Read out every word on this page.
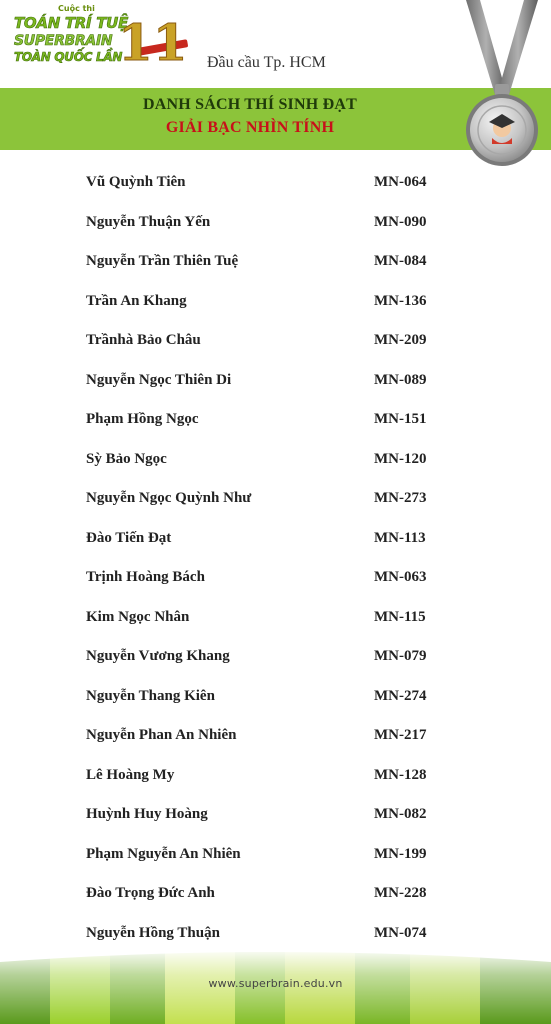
Cuộc thi
TOÁN TRÍ TUỆ
SUPERBRAIN
TOÀN QUỐC LẦN
11 Đầu cầu Tp. HCM
DANH SÁCH THÍ SINH ĐẠT
GIẢI BẠC NHÌN TÍNH
Vũ Quỳnh Tiên	MN-064
Nguyễn Thuận Yến	MN-090
Nguyễn Trần Thiên Tuệ	MN-084
Trần An Khang	MN-136
Trầnhà Bảo Châu	MN-209
Nguyễn Ngọc Thiên Di	MN-089
Phạm Hồng Ngọc	MN-151
Sỳ Bảo Ngọc	MN-120
Nguyễn Ngọc Quỳnh Như	MN-273
Đào Tiến Đạt	MN-113
Trịnh Hoàng Bách	MN-063
Kim Ngọc Nhân	MN-115
Nguyễn Vương Khang	MN-079
Nguyễn Thang Kiên	MN-274
Nguyễn Phan An Nhiên	MN-217
Lê Hoàng My	MN-128
Huỳnh Huy Hoàng	MN-082
Phạm Nguyễn An Nhiên	MN-199
Đào Trọng Đức Anh	MN-228
Nguyễn Hồng Thuận	MN-074
www.superbrain.edu.vn
